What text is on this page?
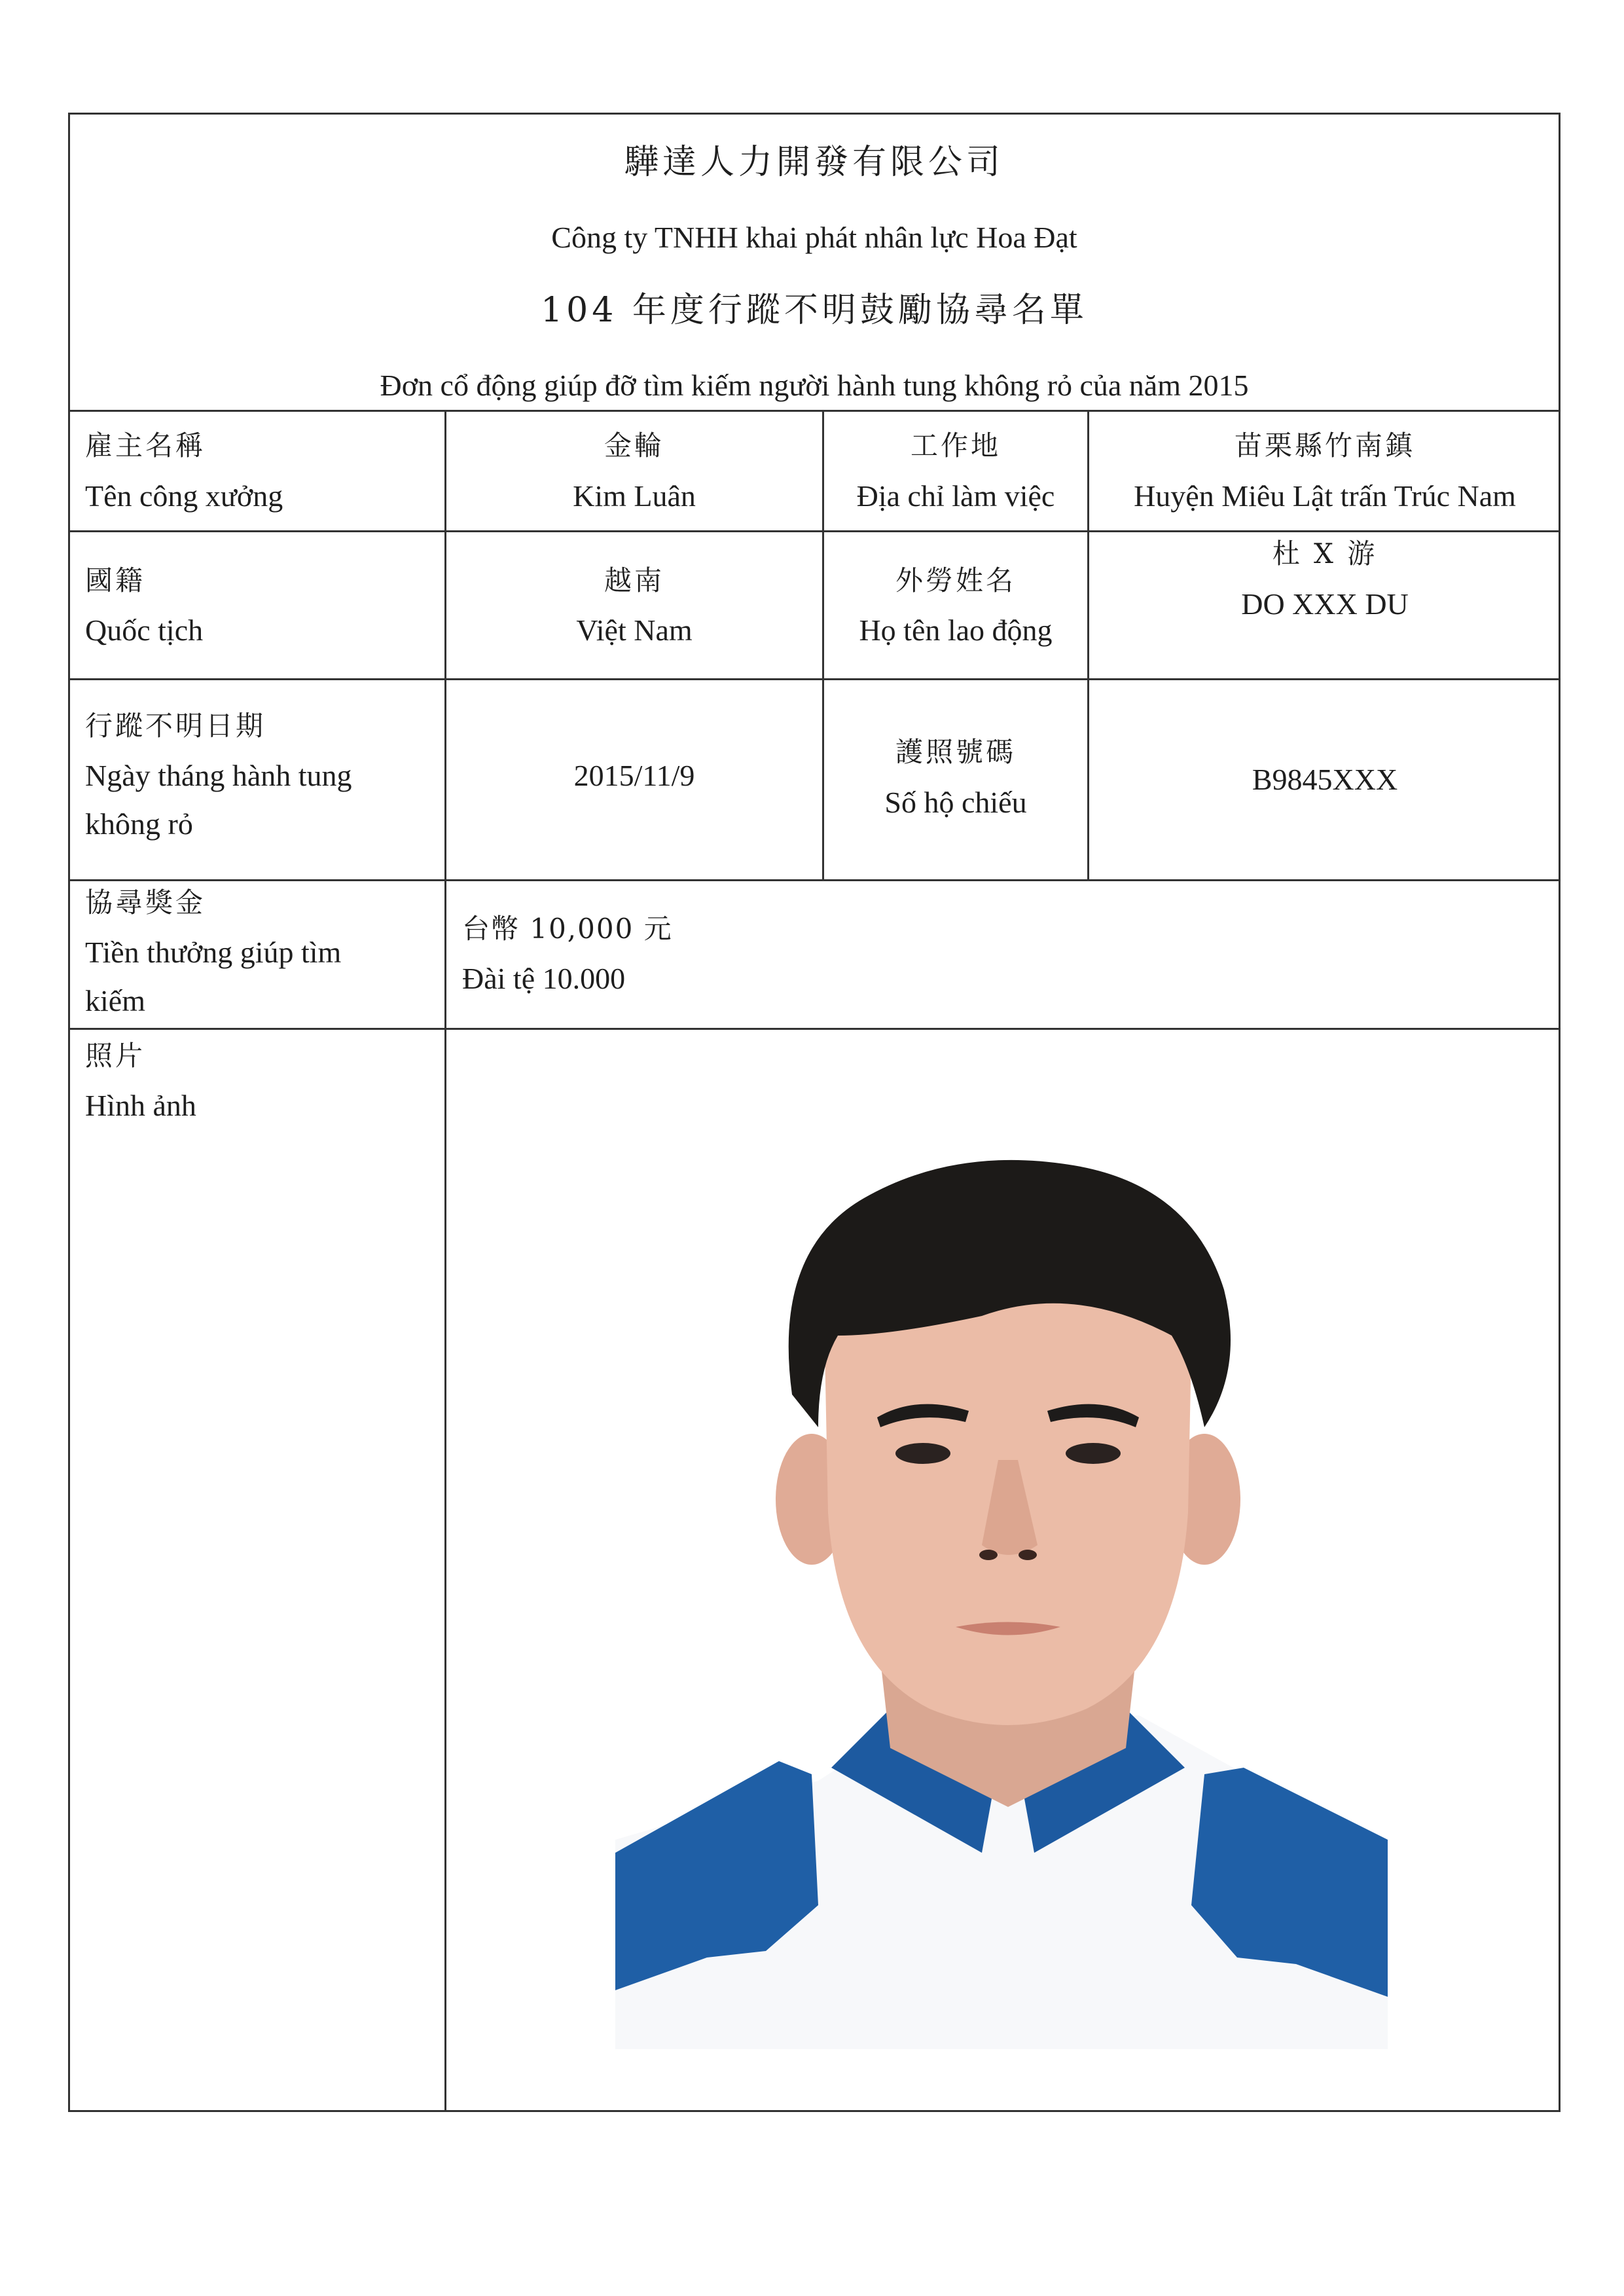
驊達人力開發有限公司
Công ty TNHH khai phát nhân lực Hoa Đạt
104 年度行蹤不明鼓勵協尋名單
Đơn cổ động giúp đỡ tìm kiếm người hành tung không rỏ của năm 2015
雇主名稱
Tên công xưởng
金輪
Kim Luân
工作地
Địa chỉ làm việc
苗栗縣竹南鎮
Huyện Miêu Lật trấn Trúc Nam
國籍
Quốc tịch
越南
Việt Nam
外勞姓名
Họ tên lao động
杜 X 游
DO XXX DU
行蹤不明日期
Ngày tháng hành tung
không rỏ
2015/11/9
護照號碼
Số hộ chiếu
B9845XXX
協尋獎金
Tiền thưởng giúp tìm
kiếm
台幣 10,000 元
Đài tệ 10.000
照片
Hình ảnh
